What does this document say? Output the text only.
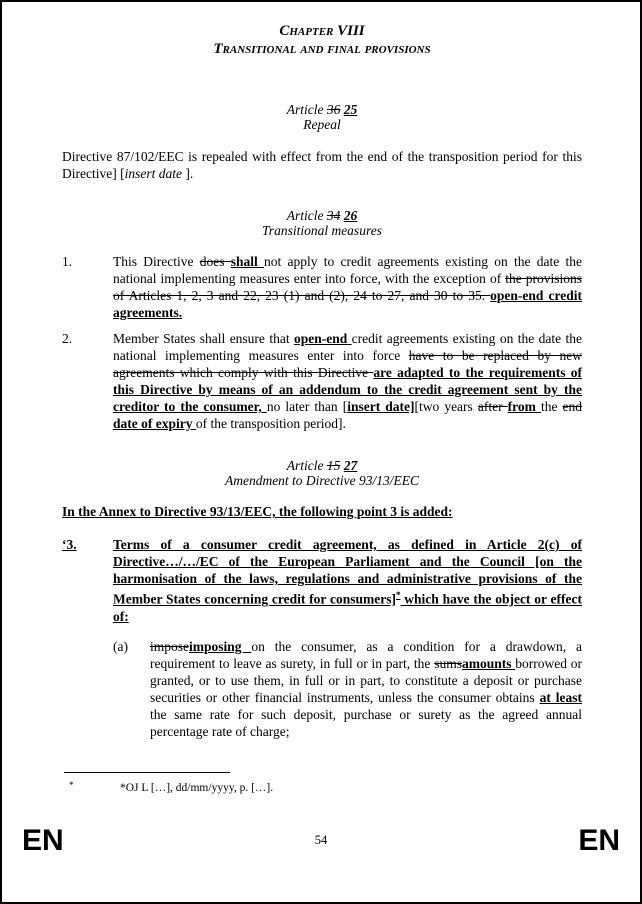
Chapter VIII
Transitional and final provisions
Article 36 25
Repeal
Directive 87/102/EEC is repealed with effect from the end of the transposition period for this Directive] [insert date ].
Article 34 26
Transitional measures
1.	This Directive does shall not apply to credit agreements existing on the date the national implementing measures enter into force, with the exception of the provisions of Articles 1, 2, 3 and 22, 23 (1) and (2), 24 to 27, and 30 to 35. open-end credit agreements.
2.	Member States shall ensure that open-end credit agreements existing on the date the national implementing measures enter into force have to be replaced by new agreements which comply with this Directive are adapted to the requirements of this Directive by means of an addendum to the credit agreement sent by the creditor to the consumer, no later than [insert date][two years after from the end date of expiry of the transposition period].
Article 15 27
Amendment to Directive 93/13/EEC
In the Annex to Directive 93/13/EEC, the following point 3 is added:
‘3.	Terms of a consumer credit agreement, as defined in Article 2(c) of Directive…/…/EC of the European Parliament and the Council [on the harmonisation of the laws, regulations and administrative provisions of the Member States concerning credit for consumers]* which have the object or effect of:
(a) imposeimposing on the consumer, as a condition for a drawdown, a requirement to leave as surety, in full or in part, the sumsamounts borrowed or granted, or to use them, in full or in part, to constitute a deposit or purchase securities or other financial instruments, unless the consumer obtains at least the same rate for such deposit, purchase or surety as the agreed annual percentage rate of charge;
*	*OJ L […], dd/mm/yyyy, p. […].
EN	54	EN
